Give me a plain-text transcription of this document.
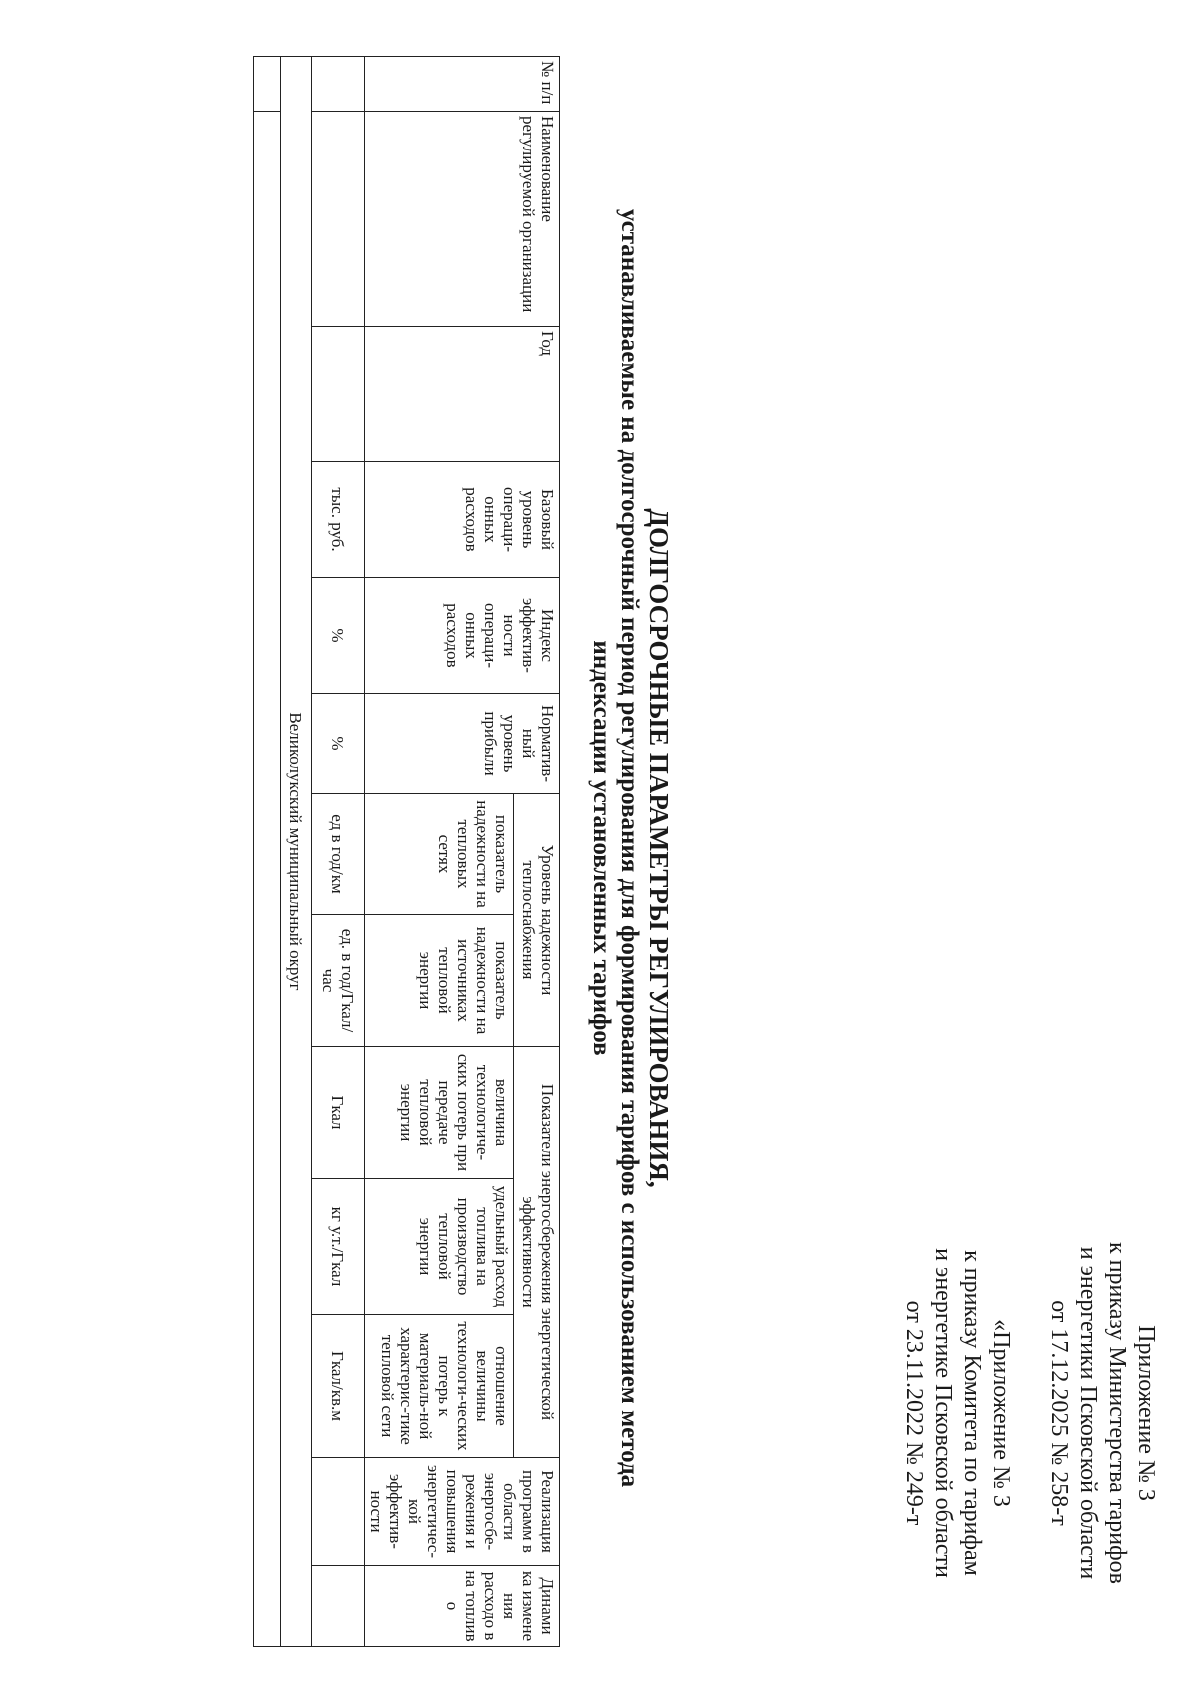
Приложение № 3
к приказу Министерства тарифов
и энергетики Псковской области
от 17.12.2025 № 258-т
«Приложение № 3
к приказу Комитета по тарифам
и энергетике Псковской области
от 23.11.2022 № 249-т
ДОЛГОСРОЧНЫЕ ПАРАМЕТРЫ РЕГУЛИРОВАНИЯ,
устанавливаемые на долгосрочный период регулирования для формирования тарифов с использованием метода
индексации установленных тарифов
№ п/п	Наименование регулируемой организации	Год	Базовый уровень операци-онных расходов	Индекс эффектив-ности операци-онных расходов	Норматив-ный уровень прибыли	Уровень надежности теплоснабжения		Показатели энергосбережения энергетической эффективности			Реализация программ в области энергосбе-режения и повышения энергетичес-кой эффектив-ности	Динами ка измене ния расходо в на топлив о
						показатель надежности на тепловых сетях	показатель надежности на источниках тепловой энергии	величина технологиче-ских потерь при передаче тепловой энергии	удельный расход топлива на производство тепловой энергии	отношение величины технологи-ческих потерь к материаль-ной характерис-тике тепловой сети		
			тыс. руб.	%	%	ед в год/км	ед. в год/Гкал/ час	Гкал	кг у.т./Гкал	Гкал/кв.м		
Великолукский муниципальный округ												
